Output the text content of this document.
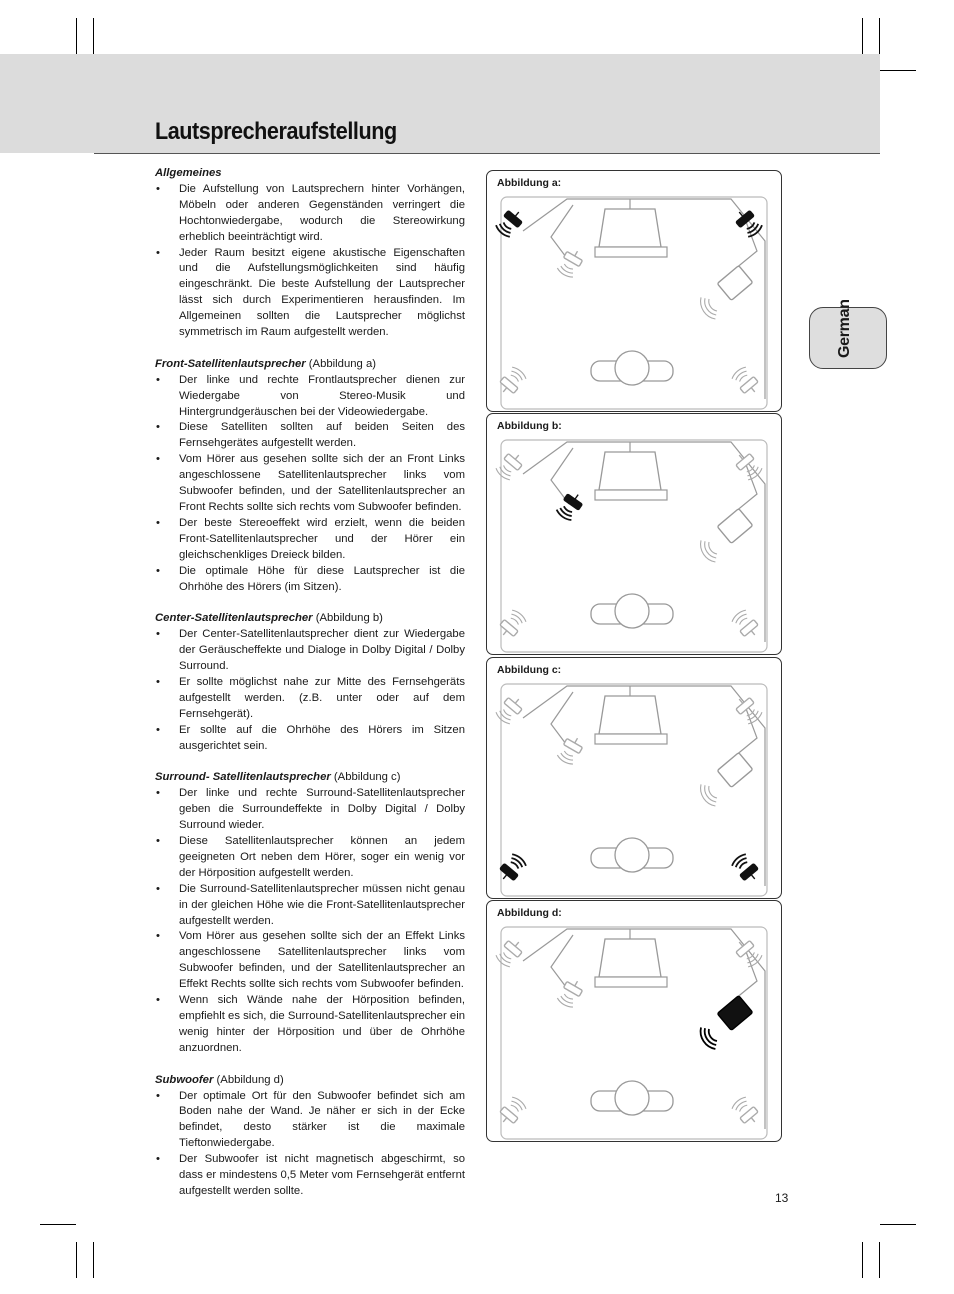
Lautsprecheraufstellung

Allgemeines

• Die Aufstellung von Lautsprechern hinter Vorhängen, Möbeln oder anderen Gegenständen verringert die Hochtonwiedergabe, wodurch die Stereowirkung erheblich beeinträchtigt wird.
• Jeder Raum besitzt eigene akustische Eigenschaften und die Aufstellungsmöglichkeiten sind häufig eingeschränkt. Die beste Aufstellung der Lautsprecher lässt sich durch Experimentieren herausfinden. Im Allgemeinen sollten die Lautsprecher möglichst symmetrisch im Raum aufgestellt werden.

Front-Satellitenlautsprecher (Abbildung a)

• Der linke und rechte Frontlautsprecher dienen zur Wiedergabe von Stereo-Musik und Hintergrundgeräuschen bei der Videowiedergabe.
• Diese Satelliten sollten auf beiden Seiten des Fernsehgerätes aufgestellt werden.
• Vom Hörer aus gesehen sollte sich der an Front Links angeschlossene Satellitenlautsprecher links vom Subwoofer befinden, und der Satellitenlautsprecher an Front Rechts sollte sich rechts vom Subwoofer befinden.
• Der beste Stereoeffekt wird erzielt, wenn die beiden Front-Satellitenlautsprecher und der Hörer ein gleichschenkliges Dreieck bilden.
• Die optimale Höhe für diese Lautsprecher ist die Ohrhöhe des Hörers (im Sitzen).

Center-Satellitenlautsprecher (Abbildung b)

• Der Center-Satellitenlautsprecher dient zur Wiedergabe der Geräuscheffekte und Dialoge in Dolby Digital / Dolby Surround.
• Er sollte möglichst nahe zur Mitte des Fernsehgeräts aufgestellt werden. (z.B. unter oder auf dem Fernsehgerät).
• Er sollte auf die Ohrhöhe des Hörers im Sitzen ausgerichtet sein.

Surround- Satellitenlautsprecher (Abbildung c)

• Der linke und rechte Surround-Satellitenlautsprecher geben die Surroundeffekte in Dolby Digital / Dolby Surround wieder.
• Diese Satellitenlautsprecher können an jedem geeigneten Ort neben dem Hörer, soger ein wenig vor der Hörposition aufgestellt werden.
• Die Surround-Satellitenlautsprecher müssen nicht genau in der gleichen Höhe wie die Front-Satellitenlautsprecher aufgestellt werden.
• Vom Hörer aus gesehen sollte sich der an Effekt Links angeschlossene Satellitenlautsprecher links vom Subwoofer befinden, und der Satellitenlautsprecher an Effekt Rechts sollte sich rechts vom Subwoofer befinden.
• Wenn sich Wände nahe der Hörposition befinden, empfiehlt es sich, die Surround-Satellitenlautsprecher ein wenig hinter der Hörposition und über de Ohrhöhe anzuordnen.

Subwoofer (Abbildung d)

• Der optimale Ort für den Subwoofer befindet sich am Boden nahe der Wand. Je näher er sich in der Ecke befindet, desto stärker ist die maximale Tieftonwiedergabe.
• Der Subwoofer ist nicht magnetisch abgeschirmt, so dass er mindestens 0,5 Meter vom Fernsehgerät entfernt aufgestellt werden sollte.
Abbildung a:
Abbildung b:
Abbildung c:
Abbildung d:
German
13
